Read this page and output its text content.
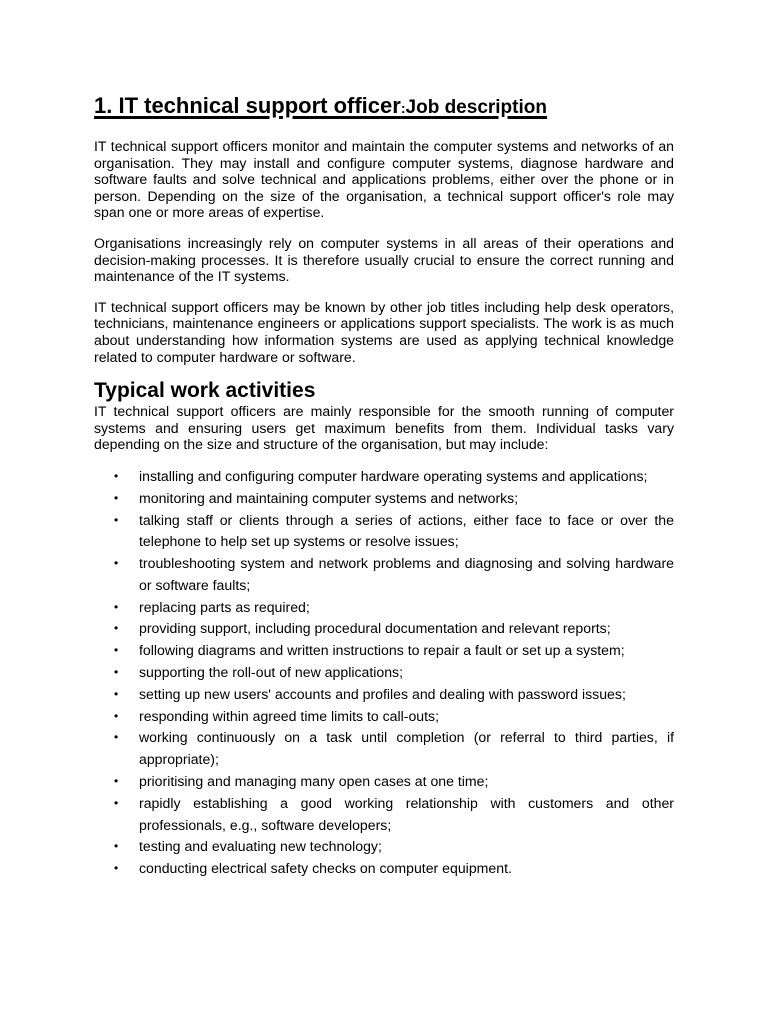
1. IT technical support officer:Job description

IT technical support officers monitor and maintain the computer systems and networks of an organisation. They may install and configure computer systems, diagnose hardware and software faults and solve technical and applications problems, either over the phone or in person. Depending on the size of the organisation, a technical support officer's role may span one or more areas of expertise.

Organisations increasingly rely on computer systems in all areas of their operations and decision-making processes. It is therefore usually crucial to ensure the correct running and maintenance of the IT systems.

IT technical support officers may be known by other job titles including help desk operators, technicians, maintenance engineers or applications support specialists. The work is as much about understanding how information systems are used as applying technical knowledge related to computer hardware or software.

Typical work activities

IT technical support officers are mainly responsible for the smooth running of computer systems and ensuring users get maximum benefits from them. Individual tasks vary depending on the size and structure of the organisation, but may include:

• installing and configuring computer hardware operating systems and applications;
• monitoring and maintaining computer systems and networks;
• talking staff or clients through a series of actions, either face to face or over the telephone to help set up systems or resolve issues;
• troubleshooting system and network problems and diagnosing and solving hardware or software faults;
• replacing parts as required;
• providing support, including procedural documentation and relevant reports;
• following diagrams and written instructions to repair a fault or set up a system;
• supporting the roll-out of new applications;
• setting up new users' accounts and profiles and dealing with password issues;
• responding within agreed time limits to call-outs;
• working continuously on a task until completion (or referral to third parties, if appropriate);
• prioritising and managing many open cases at one time;
• rapidly establishing a good working relationship with customers and other professionals, e.g., software developers;
• testing and evaluating new technology;
• conducting electrical safety checks on computer equipment.
